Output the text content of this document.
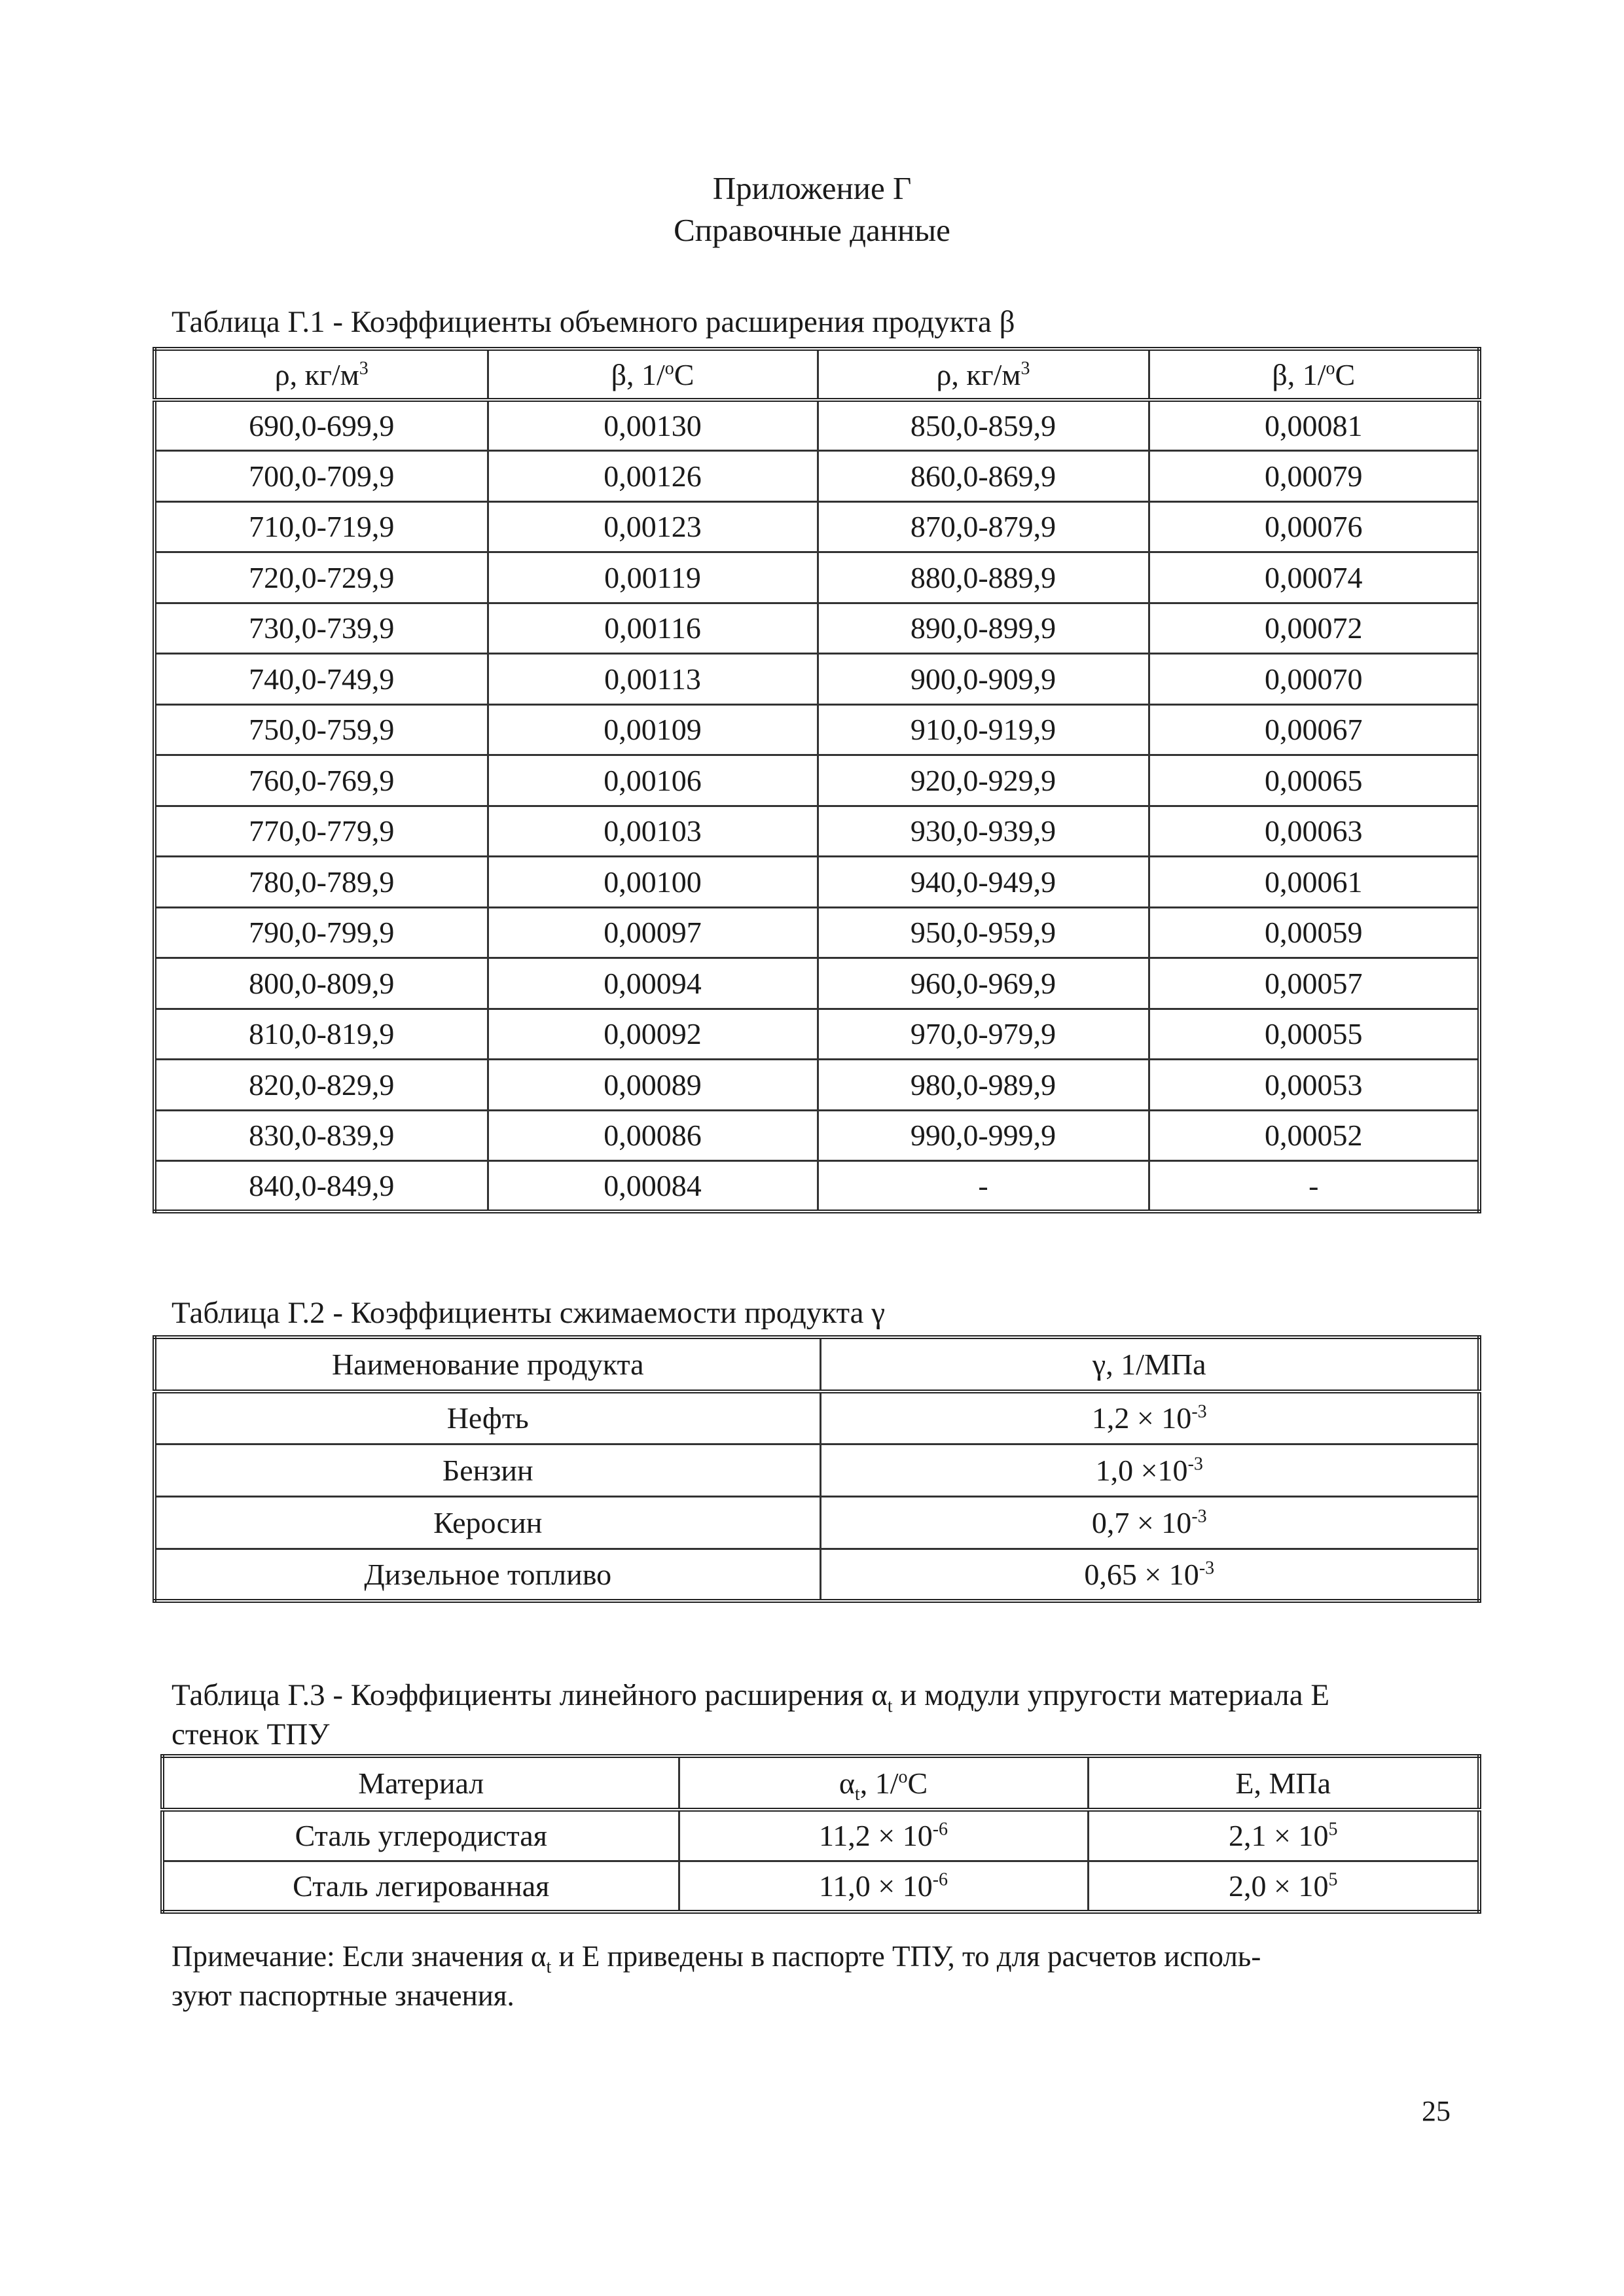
Приложение Г
Справочные данные
Таблица Г.1 - Коэффициенты объемного расширения продукта β
ρ, $кг/м^3$	β, 1/$^o$C	ρ, $кг/м^3$	β, 1/$^o$C
690,0-699,9	0,00130	850,0-859,9	0,00081
700,0-709,9	0,00126	860,0-869,9	0,00079
710,0-719,9	0,00123	870,0-879,9	0,00076
720,0-729,9	0,00119	880,0-889,9	0,00074
730,0-739,9	0,00116	890,0-899,9	0,00072
740,0-749,9	0,00113	900,0-909,9	0,00070
750,0-759,9	0,00109	910,0-919,9	0,00067
760,0-769,9	0,00106	920,0-929,9	0,00065
770,0-779,9	0,00103	930,0-939,9	0,00063
780,0-789,9	0,00100	940,0-949,9	0,00061
790,0-799,9	0,00097	950,0-959,9	0,00059
800,0-809,9	0,00094	960,0-969,9	0,00057
810,0-819,9	0,00092	970,0-979,9	0,00055
820,0-829,9	0,00089	980,0-989,9	0,00053
830,0-839,9	0,00086	990,0-999,9	0,00052
840,0-849,9	0,00084	-	-
Таблица Г.2 - Коэффициенты сжимаемости продукта γ
Наименование продукта	γ, 1/МПа
Нефть	$1,2 \times 10^{-3}$
Бензин	$1,0 \times 10^{-3}$
Керосин	$0,7 \times 10^{-3}$
Дизельное топливо	$0,65 \times 10^{-3}$
Таблица Г.3 - Коэффициенты линейного расширения $\alpha_t$ и модули упругости материала Е
стенок ТПУ
Материал	$\alpha_t$, 1/$^o$C	Е, МПа
Сталь углеродистая	$11,2 \times 10^{-6}$	$2,1 \times 10^5$
Сталь легированная	$11,0 \times 10^{-6}$	$2,0 \times 10^5$
Примечание: Если значения $\alpha_t$ и Е приведены в паспорте ТПУ, то для расчетов исполь-
зуют паспортные значения.
25
